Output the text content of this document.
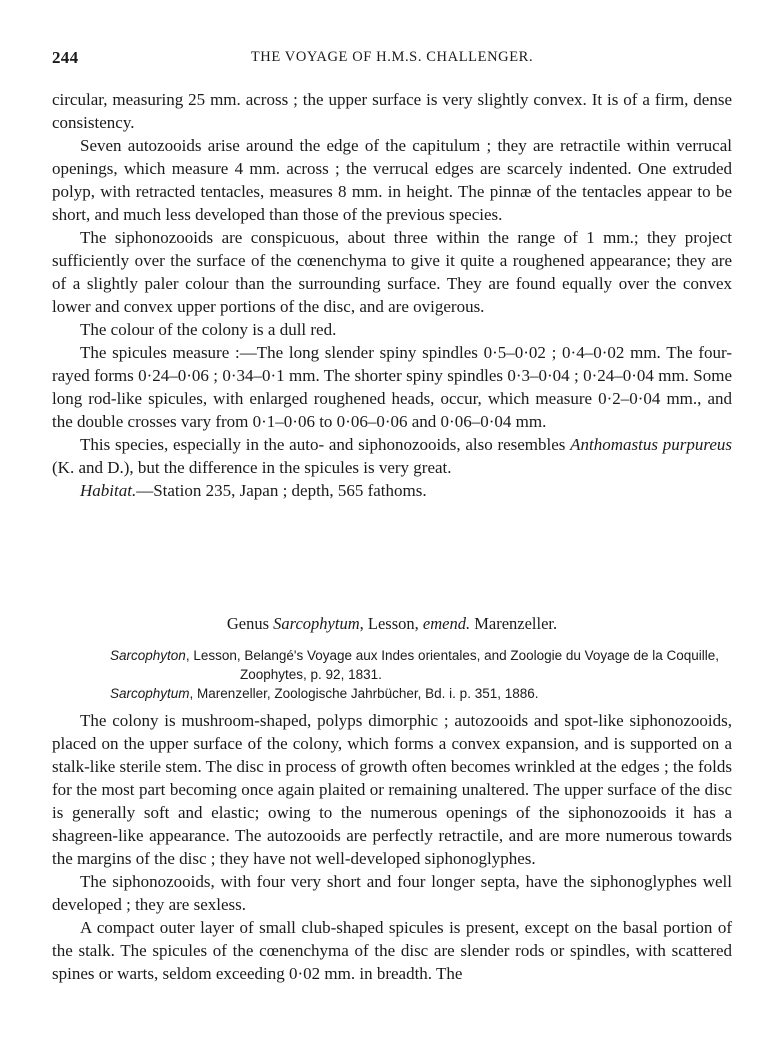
244	THE VOYAGE OF H.M.S. CHALLENGER.

circular, measuring 25 mm. across ; the upper surface is very slightly convex. It is of a firm, dense consistency.

Seven autozooids arise around the edge of the capitulum ; they are retractile within verrucal openings, which measure 4 mm. across ; the verrucal edges are scarcely indented. One extruded polyp, with retracted tentacles, measures 8 mm. in height. The pinnæ of the tentacles appear to be short, and much less developed than those of the previous species.

The siphonozooids are conspicuous, about three within the range of 1 mm.; they project sufficiently over the surface of the cœnenchyma to give it quite a roughened appearance; they are of a slightly paler colour than the surrounding surface. They are found equally over the convex lower and convex upper portions of the disc, and are ovigerous.

The colour of the colony is a dull red.

The spicules measure :—The long slender spiny spindles 0·5–0·02 ; 0·4–0·02 mm. The four-rayed forms 0·24–0·06 ; 0·34–0·1 mm. The shorter spiny spindles 0·3–0·04 ; 0·24–0·04 mm. Some long rod-like spicules, with enlarged roughened heads, occur, which measure 0·2–0·04 mm., and the double crosses vary from 0·1–0·06 to 0·06–0·06 and 0·06–0·04 mm.

This species, especially in the auto- and siphonozooids, also resembles Anthomastus purpureus (K. and D.), but the difference in the spicules is very great.

Habitat.—Station 235, Japan ; depth, 565 fathoms.

Genus Sarcophytum, Lesson, emend. Marenzeller.
Sarcophyton, Lesson, Belangé's Voyage aux Indes orientales, and Zoologie du Voyage de la Coquille,
Zoophytes, p. 92, 1831.
Sarcophytum, Marenzeller, Zoologische Jahrbücher, Bd. i. p. 351, 1886.

The colony is mushroom-shaped, polyps dimorphic ; autozooids and spot-like siphonozooids, placed on the upper surface of the colony, which forms a convex expansion, and is supported on a stalk-like sterile stem. The disc in process of growth often becomes wrinkled at the edges ; the folds for the most part becoming once again plaited or remaining unaltered. The upper surface of the disc is generally soft and elastic; owing to the numerous openings of the siphonozooids it has a shagreen-like appearance. The autozooids are perfectly retractile, and are more numerous towards the margins of the disc ; they have not well-developed siphonoglyphes.

The siphonozooids, with four very short and four longer septa, have the siphonoglyphes well developed ; they are sexless.

A compact outer layer of small club-shaped spicules is present, except on the basal portion of the stalk. The spicules of the cœnenchyma of the disc are slender rods or spindles, with scattered spines or warts, seldom exceeding 0·02 mm. in breadth. The
